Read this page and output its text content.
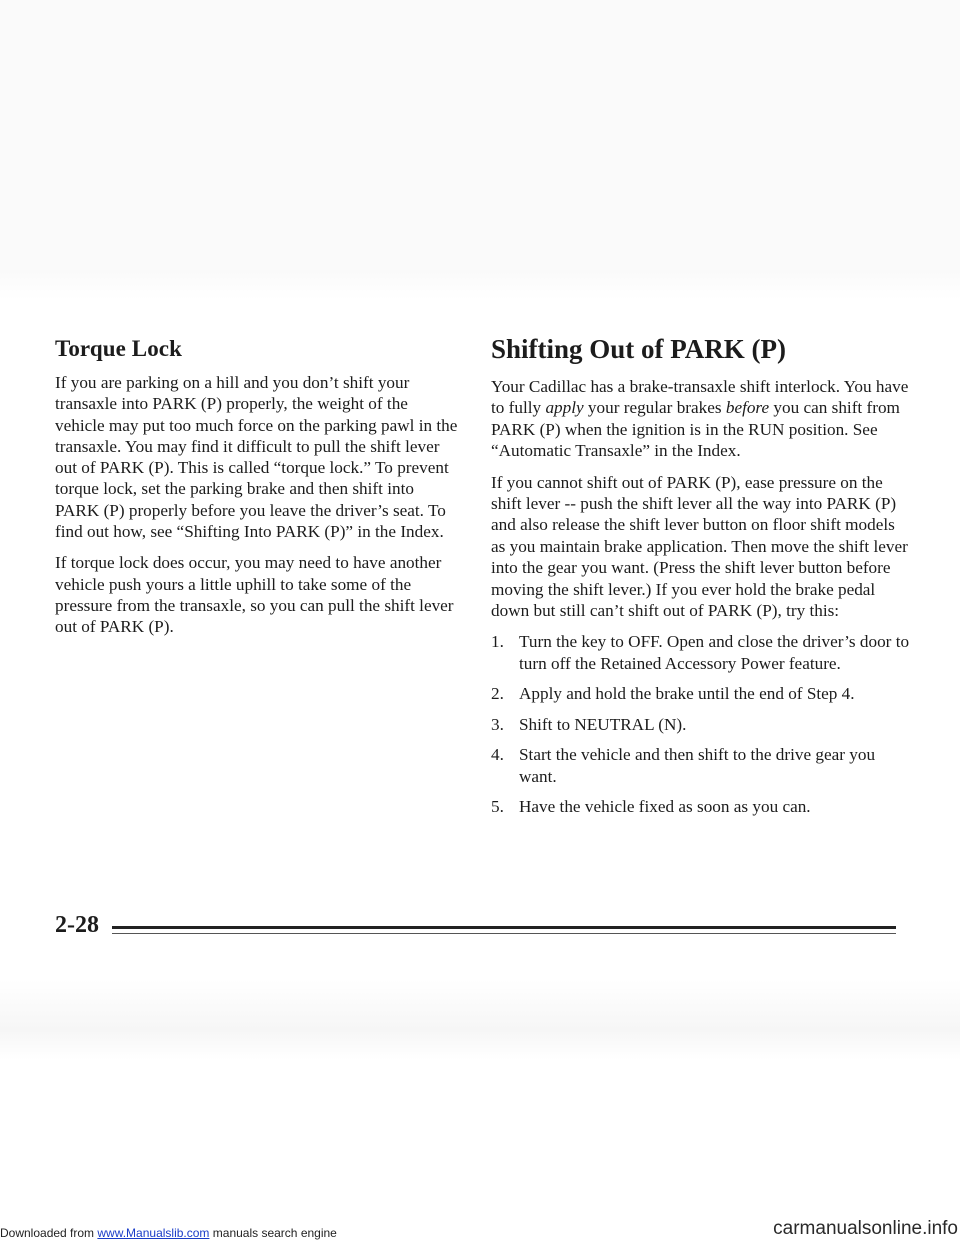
Torque Lock

If you are parking on a hill and you don’t shift your transaxle into PARK (P) properly, the weight of the vehicle may put too much force on the parking pawl in the transaxle. You may find it difficult to pull the shift lever out of PARK (P). This is called “torque lock.” To prevent torque lock, set the parking brake and then shift into PARK (P) properly before you leave the driver’s seat. To find out how, see “Shifting Into PARK (P)” in the Index.

If torque lock does occur, you may need to have another vehicle push yours a little uphill to take some of the pressure from the transaxle, so you can pull the shift lever out of PARK (P).

Shifting Out of PARK (P)

Your Cadillac has a brake-transaxle shift interlock. You have to fully apply your regular brakes before you can shift from PARK (P) when the ignition is in the RUN position. See “Automatic Transaxle” in the Index.

If you cannot shift out of PARK (P), ease pressure on the shift lever -- push the shift lever all the way into PARK (P) and also release the shift lever button on floor shift models as you maintain brake application. Then move the shift lever into the gear you want. (Press the shift lever button before moving the shift lever.) If you ever hold the brake pedal down but still can’t shift out of PARK (P), try this:

1. Turn the key to OFF. Open and close the driver’s door to turn off the Retained Accessory Power feature.
2. Apply and hold the brake until the end of Step 4.
3. Shift to NEUTRAL (N).
4. Start the vehicle and then shift to the drive gear you want.
5. Have the vehicle fixed as soon as you can.
2-28
Downloaded from www.Manualslib.com manuals search engine	carmanualsonline.info
